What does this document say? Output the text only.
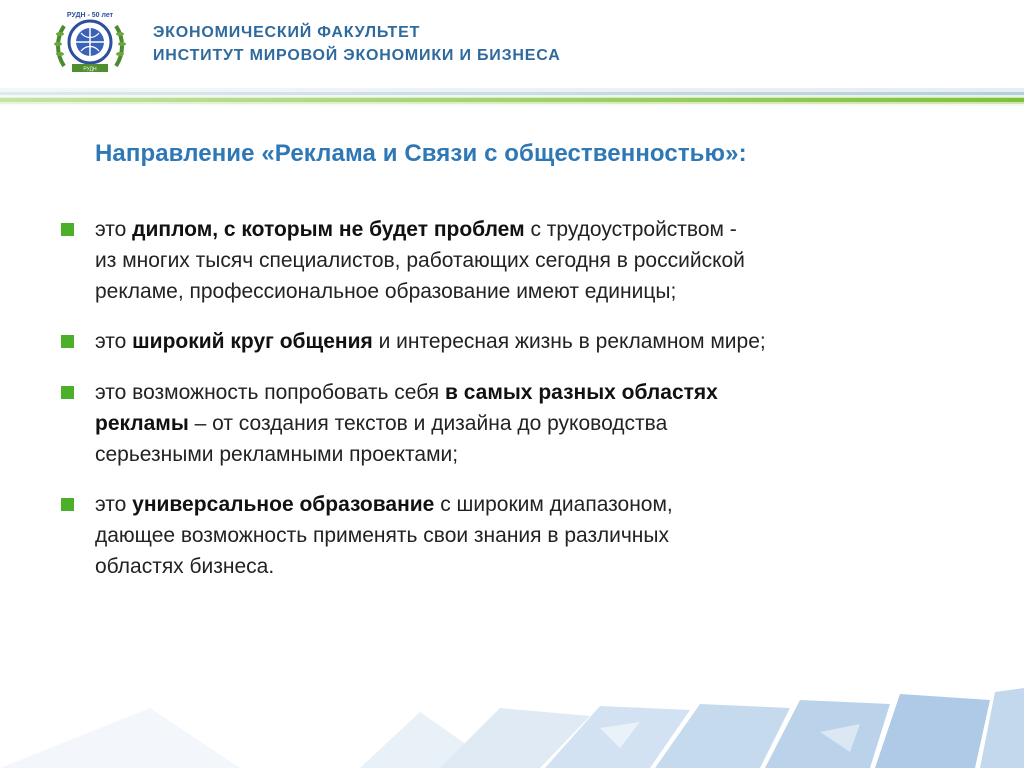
РУДН
РУДН - 50 лет
ЭКОНОМИЧЕСКИЙ ФАКУЛЬТЕТ
ИНСТИТУТ МИРОВОЙ ЭКОНОМИКИ И БИЗНЕСА
Направление «Реклама и Связи с общественностью»:
это диплом, с которым не будет проблем с трудоустройством -
из многих тысяч специалистов, работающих сегодня в российской
рекламе, профессиональное образование имеют единицы;
это широкий круг общения и интересная жизнь в рекламном мире;
это возможность попробовать себя в самых разных областях
рекламы – от создания текстов и дизайна до руководства
серьезными рекламными проектами;
это универсальное образование с широким диапазоном,
дающее возможность применять свои знания в различных
областях бизнеса.
